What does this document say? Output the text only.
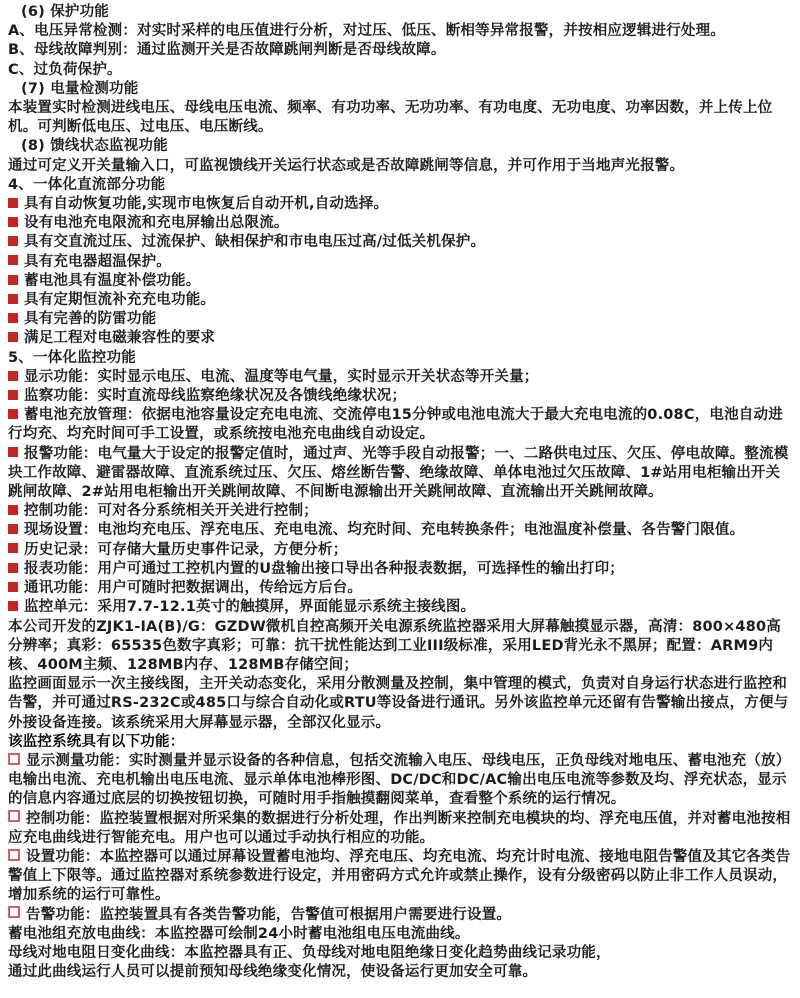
(6) 保护功能

A、电压异常检测：对实时采样的电压值进行分析，对过压、低压、断相等异常报警，并按相应逻辑进行处理。

B、母线故障判别：通过监测开关是否故障跳闸判断是否母线故障。

C、过负荷保护。

(7) 电量检测功能

本装置实时检测进线电压、母线电压电流、频率、有功功率、无功功率、有功电度、无功电度、功率因数，并上传上位机。可判断低电压、过电压、电压断线。

(8) 馈线状态监视功能

通过可定义开关量输入口，可监视馈线开关运行状态或是否故障跳闸等信息，并可作用于当地声光报警。

4、一体化直流部分功能

具有自动恢复功能,实现市电恢复后自动开机,自动选择。

设有电池充电限流和充电屏输出总限流。

具有交直流过压、过流保护、缺相保护和市电电压过高/过低关机保护。

具有充电器超温保护。

蓄电池具有温度补偿功能。

具有定期恒流补充充电功能。

具有完善的防雷功能

满足工程对电磁兼容性的要求

5、一体化监控功能

显示功能：实时显示电压、电流、温度等电气量，实时显示开关状态等开关量；

监察功能：实时直流母线监察绝缘状况及各馈线绝缘状况；

蓄电池充放管理：依据电池容量设定充电电流、交流停电15分钟或电池电流大于最大充电电流的0.08C，电池自动进行均充、均充时间可手工设置，或系统按电池充电曲线自动设定。

报警功能：电气量大于设定的报警定值时，通过声、光等手段自动报警；一、二路供电过压、欠压、停电故障。整流模块工作故障、避雷器故障、直流系统过压、欠压、熔丝断告警、绝缘故障、单体电池过欠压故障、1#站用电柜输出开关跳闸故障、2#站用电柜输出开关跳闸故障、不间断电源输出开关跳闸故障、直流输出开关跳闸故障。

控制功能：可对各分系统相关开关进行控制；

现场设置：电池均充电压、浮充电压、充电电流、均充时间、充电转换条件；电池温度补偿量、各告警门限值。

历史记录：可存储大量历史事件记录，方便分析；

报表功能：用户可通过工控机内置的U盘输出接口导出各种报表数据，可选择性的输出打印；

通讯功能：用户可随时把数据调出，传给远方后台。

监控单元：采用7.7-12.1英寸的触摸屏，界面能显示系统主接线图。

本公司开发的ZJK1-IA(B)/G：GZDW微机自控高频开关电源系统监控器采用大屏幕触摸显示器，高清：800×480高分辨率；真彩：65535色数字真彩；可靠：抗干扰性能达到工业III级标准，采用LED背光永不黑屏；配置：ARM9内核、400M主频、128MB内存、128MB存储空间；

监控画面显示一次主接线图，主开关动态变化，采用分散测量及控制，集中管理的模式，负责对自身运行状态进行监控和告警，并可通过RS-232C或485口与综合自动化或RTU等设备进行通讯。另外该监控单元还留有告警输出接点，方便与外接设备连接。该系统采用大屏幕显示器，全部汉化显示。

该监控系统具有以下功能：

显示测量功能：实时测量并显示设备的各种信息，包括交流输入电压、母线电压，正负母线对地电压、蓄电池充（放）电输出电流、充电机输出电压电流、显示单体电池棒形图、DC/DC和DC/AC输出电压电流等参数及均、浮充状态，显示的信息内容通过底层的切换按钮切换，可随时用手指触摸翻阅菜单，查看整个系统的运行情况。

控制功能：监控装置根据对所采集的数据进行分析处理，作出判断来控制充电模块的均、浮充电压值，并对蓄电池按相应充电曲线进行智能充电。用户也可以通过手动执行相应的功能。

设置功能：本监控器可以通过屏幕设置蓄电池均、浮充电压、均充电流、均充计时电流、接地电阻告警值及其它各类告警值上下限等。通过监控器对系统参数进行设定，并用密码方式允许或禁止操作，设有分级密码以防止非工作人员误动，增加系统的运行可靠性。

告警功能：监控装置具有各类告警功能，告警值可根据用户需要进行设置。

蓄电池组充放电曲线：本监控器可绘制24小时蓄电池组电压电流曲线。

母线对地电阻日变化曲线：本监控器具有正、负母线对地电阻绝缘日变化趋势曲线记录功能，

通过此曲线运行人员可以提前预知母线绝缘变化情况，使设备运行更加安全可靠。
